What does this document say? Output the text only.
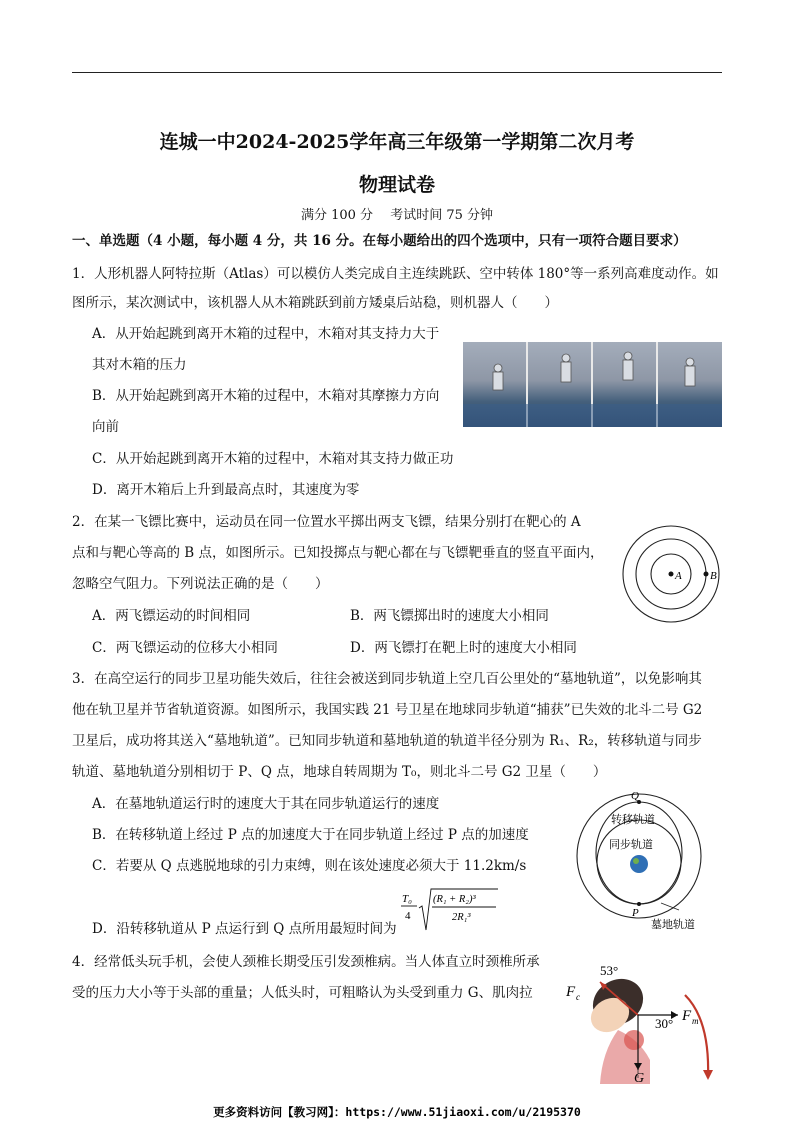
连城一中2024-2025学年高三年级第一学期第二次月考
物理试卷
满分 100 分　 考试时间 75 分钟
一、单选题（4 小题，每小题 4 分，共 16 分。在每小题给出的四个选项中，只有一项符合题目要求）
1．人形机器人阿特拉斯（Atlas）可以模仿人类完成自主连续跳跃、空中转体 180°等一系列高难度动作。如
图所示，某次测试中，该机器人从木箱跳跃到前方矮桌后站稳，则机器人（　　）
A．从开始起跳到离开木箱的过程中，木箱对其支持力大于
其对木箱的压力
B．从开始起跳到离开木箱的过程中，木箱对其摩擦力方向
向前
C．从开始起跳到离开木箱的过程中，木箱对其支持力做正功
D．离开木箱后上升到最高点时，其速度为零
2．在某一飞镖比赛中，运动员在同一位置水平掷出两支飞镖，结果分别打在靶心的 A
点和与靶心等高的 B 点，如图所示。已知投掷点与靶心都在与飞镖靶垂直的竖直平面内，
忽略空气阻力。下列说法正确的是（　　）
A．两飞镖运动的时间相同	B．两飞镖掷出时的速度大小相同
C．两飞镖运动的位移大小相同	D．两飞镖打在靶上时的速度大小相同
A	B
3．在高空运行的同步卫星功能失效后，往往会被送到同步轨道上空几百公里处的“墓地轨道”，以免影响其
他在轨卫星并节省轨道资源。如图所示，我国实践 21 号卫星在地球同步轨道“捕获”已失效的北斗二号 G2
卫星后，成功将其送入“墓地轨道”。已知同步轨道和墓地轨道的轨道半径分别为 R₁、R₂，转移轨道与同步
轨道、墓地轨道分别相切于 P、Q 点，地球自转周期为 T₀，则北斗二号 G2 卫星（　　）
A．在墓地轨道运行时的速度大于其在同步轨道运行的速度
B．在转移轨道上经过 P 点的加速度大于在同步轨道上经过 P 点的加速度
C．若要从 Q 点逃脱地球的引力束缚，则在该处速度必须大于 11.2km/s
D．沿转移轨道从 P 点运行到 Q 点所用最短时间为
T₀
4
(R₁ + R₂)³
2R₁³
Q
P
转移轨道
同步轨道
墓地轨道
4．经常低头玩手机，会使人颈椎长期受压引发颈椎病。当人体直立时颈椎所承
受的压力大小等于头部的重量；人低头时，可粗略认为头受到重力 G、肌肉拉
53°
30°
F c
F m
G
更多资料访问【教习网】：https://www.51jiaoxi.com/u/2195370
